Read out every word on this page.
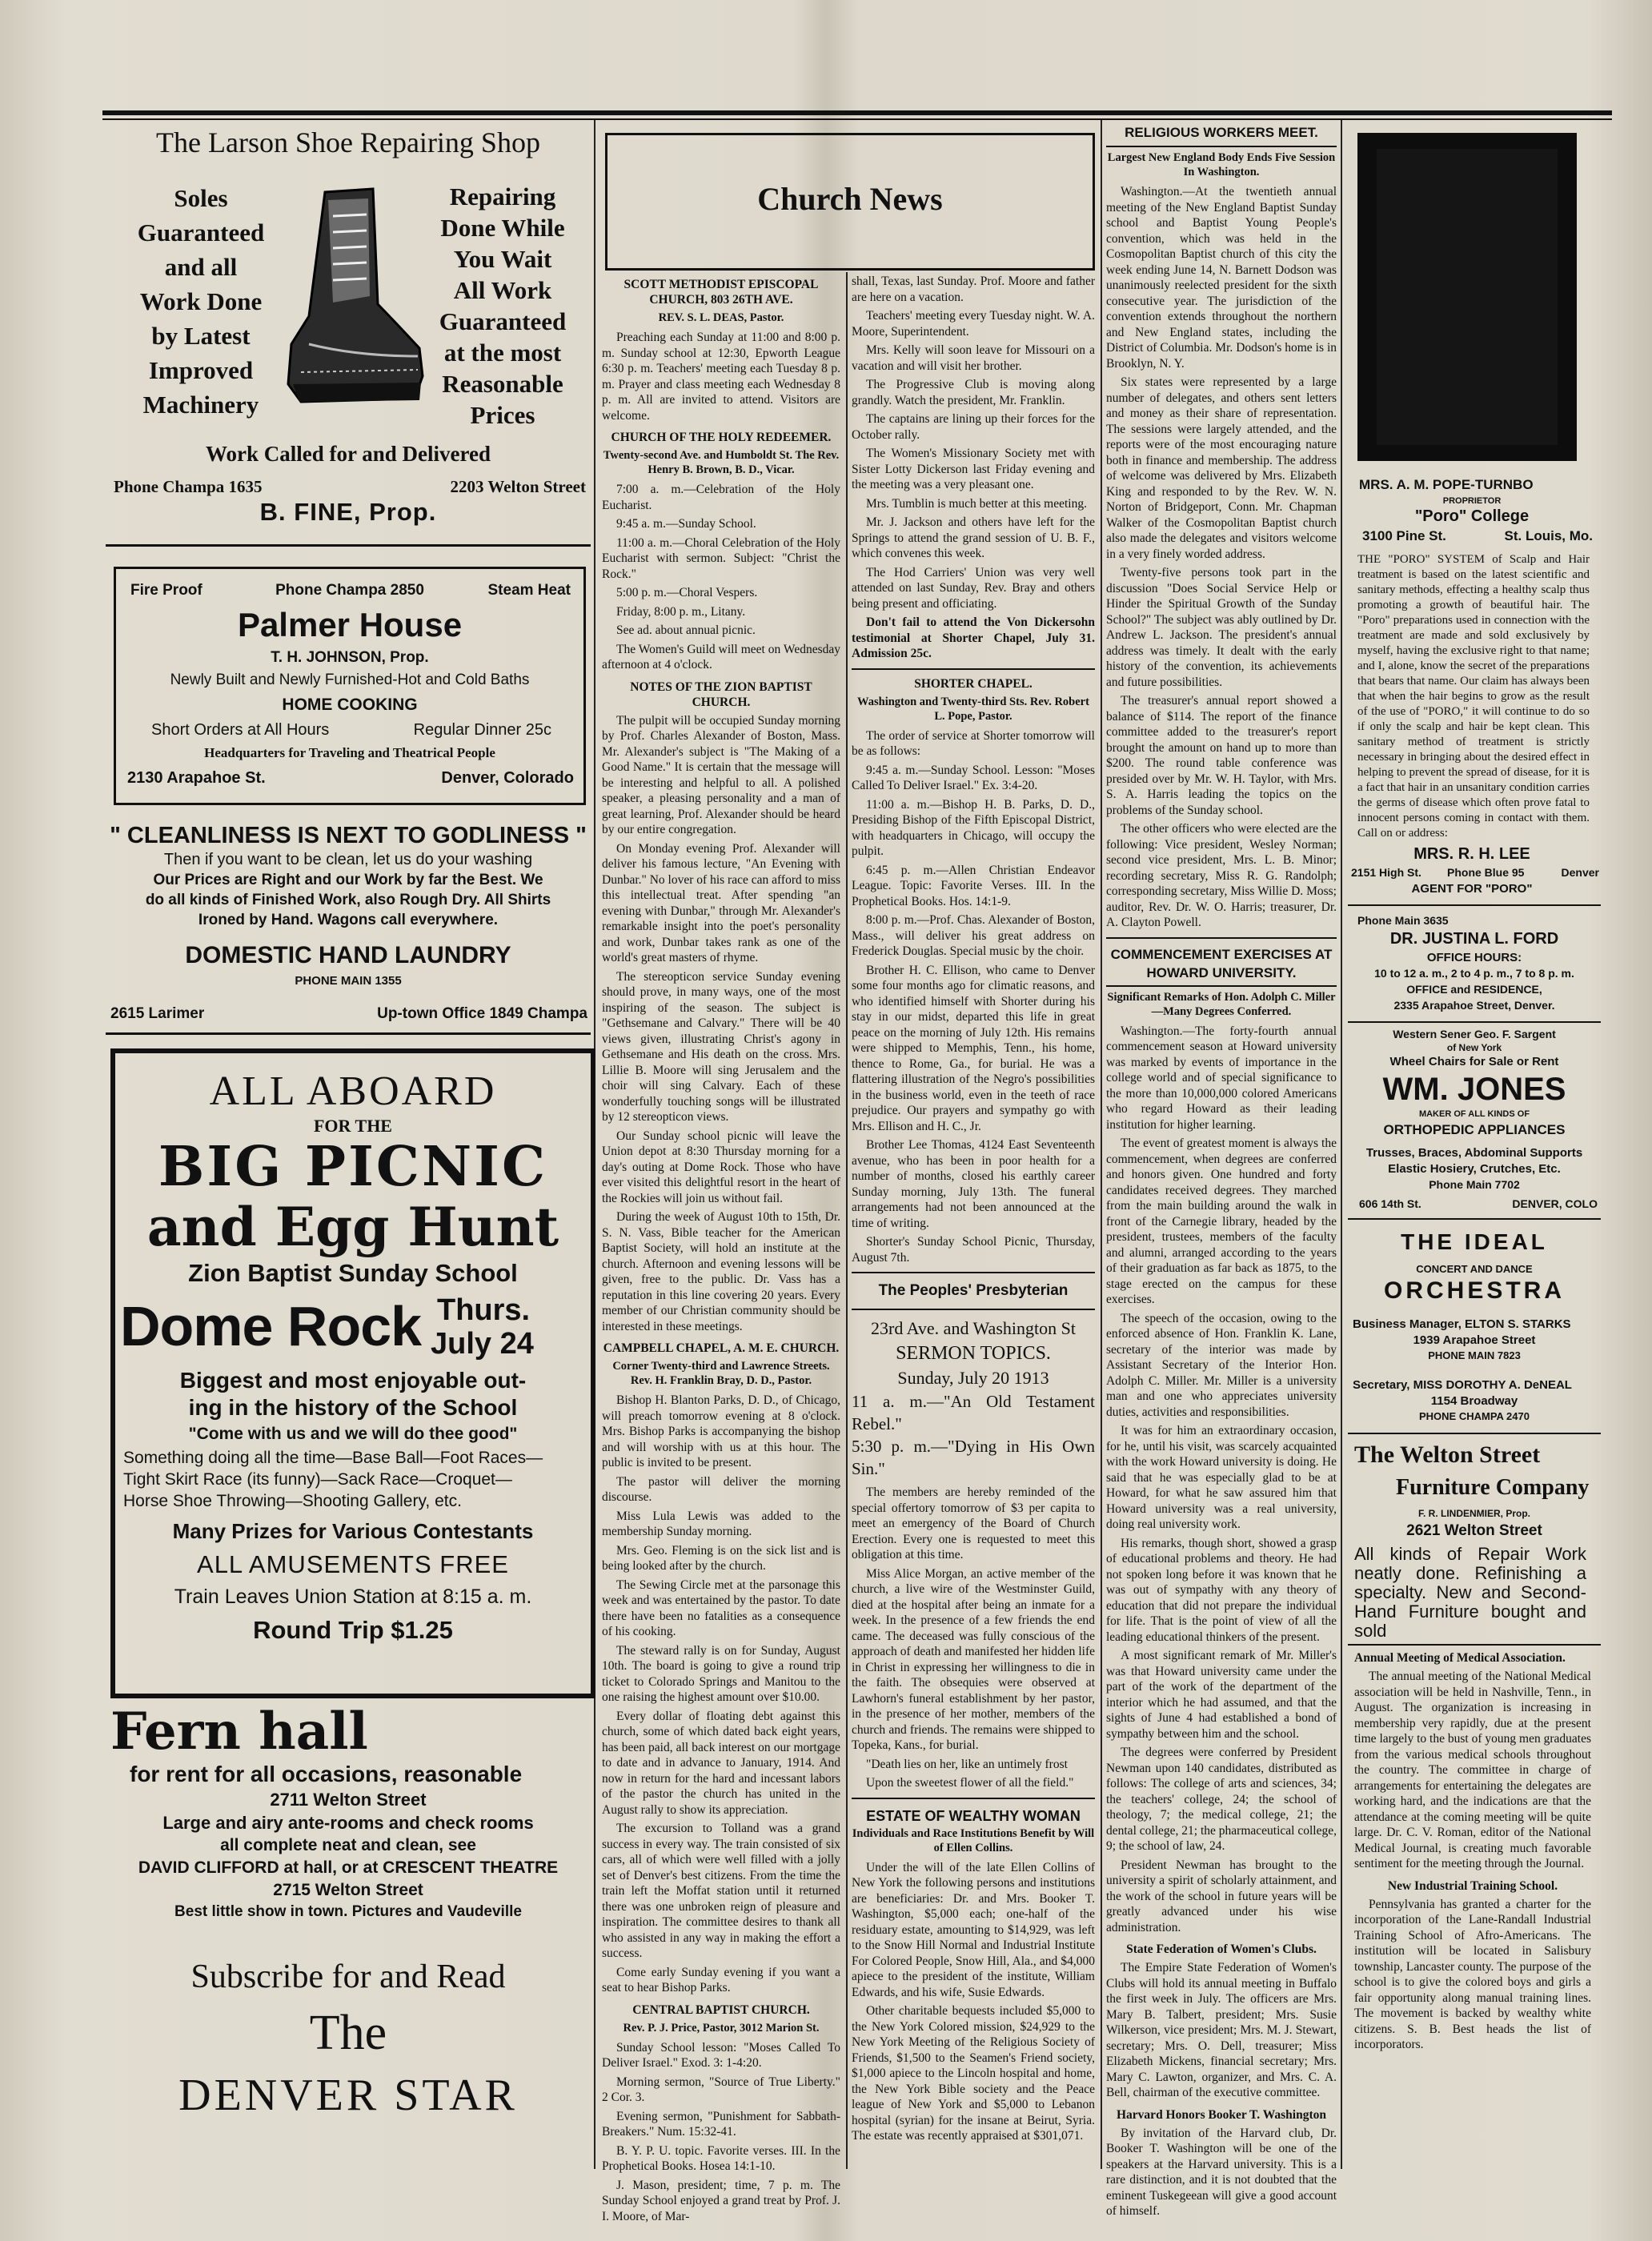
The Larson Shoe Repairing Shop
Soles
Guaranteed
and all
Work Done
by Latest
Improved
Machinery
Repairing
Done While
You Wait
All Work
Guaranteed
at the most
Reasonable
Prices
Work Called for and Delivered
Phone Champa 1635	2203 Welton Street
B. FINE, Prop.
Fire Proof	Phone Champa 2850	Steam Heat
Palmer House
T. H. JOHNSON, Prop.
Newly Built and Newly Furnished-Hot and Cold Baths
HOME COOKING
Short Orders at All Hours	Regular Dinner 25c
Headquarters for Traveling and Theatrical People
2130 Arapahoe St.	Denver, Colorado
" CLEANLINESS IS NEXT TO GODLINESS "
Then if you want to be clean, let us do your washing
Our Prices are Right and our Work by far the Best. We
do all kinds of Finished Work, also Rough Dry. All Shirts
Ironed by Hand. Wagons call everywhere.
DOMESTIC HAND LAUNDRY
PHONE MAIN 1355
2615 Larimer	Up-town Office 1849 Champa
ALL ABOARD
FOR THE
BIG PICNIC
and Egg Hunt
Zion Baptist Sunday School
Dome Rock Thurs.
July 24
Biggest and most enjoyable out-
ing in the history of the School
"Come with us and we will do thee good"
Something doing all the time—Base Ball—Foot Races—
Tight Skirt Race (its funny)—Sack Race—Croquet—
Horse Shoe Throwing—Shooting Gallery, etc.
Many Prizes for Various Contestants
ALL AMUSEMENTS FREE
Train Leaves Union Station at 8:15 a. m.
Round Trip $1.25
Fern hall
for rent for all occasions, reasonable
2711 Welton Street
Large and airy ante-rooms and check rooms
all complete neat and clean, see
DAVID CLIFFORD at hall, or at CRESCENT THEATRE
2715 Welton Street
Best little show in town. Pictures and Vaudeville
Subscribe for and Read
The
DENVER STAR
Church News
SCOTT METHODIST EPISCOPAL CHURCH, 803 26TH AVE.
REV. S. L. DEAS, Pastor.

Preaching each Sunday at 11:00 and 8:00 p. m. Sunday school at 12:30, Epworth League 6:30 p. m. Teachers' meeting each Tuesday 8 p. m. Prayer and class meeting each Wednesday 8 p. m. All are invited to attend. Visitors are welcome.

CHURCH OF THE HOLY REDEEMER.
Twenty-second Ave. and Humboldt St. The Rev. Henry B. Brown, B. D., Vicar.

7:00 a. m.—Celebration of the Holy Eucharist.

9:45 a. m.—Sunday School.

11:00 a. m.—Choral Celebration of the Holy Eucharist with sermon. Subject: "Christ the Rock."

5:00 p. m.—Choral Vespers.

Friday, 8:00 p. m., Litany.

See ad. about annual picnic.

The Women's Guild will meet on Wednesday afternoon at 4 o'clock.

NOTES OF THE ZION BAPTIST CHURCH.

The pulpit will be occupied Sunday morning by Prof. Charles Alexander of Boston, Mass. Mr. Alexander's subject is "The Making of a Good Name." It is certain that the message will be interesting and helpful to all. A polished speaker, a pleasing personality and a man of great learning, Prof. Alexander should be heard by our entire congregation.

On Monday evening Prof. Alexander will deliver his famous lecture, "An Evening with Dunbar." No lover of his race can afford to miss this intellectual treat. After spending "an evening with Dunbar," through Mr. Alexander's remarkable insight into the poet's personality and work, Dunbar takes rank as one of the world's great masters of rhyme.

The stereopticon service Sunday evening should prove, in many ways, one of the most inspiring of the season. The subject is "Gethsemane and Calvary." There will be 40 views given, illustrating Christ's agony in Gethsemane and His death on the cross. Mrs. Lillie B. Moore will sing Jerusalem and the choir will sing Calvary. Each of these wonderfully touching songs will be illustrated by 12 stereopticon views.

Our Sunday school picnic will leave the Union depot at 8:30 Thursday morning for a day's outing at Dome Rock. Those who have ever visited this delightful resort in the heart of the Rockies will join us without fail.

During the week of August 10th to 15th, Dr. S. N. Vass, Bible teacher for the American Baptist Society, will hold an institute at the church. Afternoon and evening lessons will be given, free to the public. Dr. Vass has a reputation in this line covering 20 years. Every member of our Christian community should be interested in these meetings.

CAMPBELL CHAPEL, A. M. E. CHURCH.
Corner Twenty-third and Lawrence Streets. Rev. H. Franklin Bray, D. D., Pastor.

Bishop H. Blanton Parks, D. D., of Chicago, will preach tomorrow evening at 8 o'clock. Mrs. Bishop Parks is accompanying the bishop and will worship with us at this hour. The public is invited to be present.

The pastor will deliver the morning discourse.

Miss Lula Lewis was added to the membership Sunday morning.

Mrs. Geo. Fleming is on the sick list and is being looked after by the church.

The Sewing Circle met at the parsonage this week and was entertained by the pastor. To date there have been no fatalities as a consequence of his cooking.

The steward rally is on for Sunday, August 10th. The board is going to give a round trip ticket to Colorado Springs and Manitou to the one raising the highest amount over $10.00.

Every dollar of floating debt against this church, some of which dated back eight years, has been paid, all back interest on our mortgage to date and in advance to January, 1914. And now in return for the hard and incessant labors of the pastor the church has united in the August rally to show its appreciation.

The excursion to Tolland was a grand success in every way. The train consisted of six cars, all of which were well filled with a jolly set of Denver's best citizens. From the time the train left the Moffat station until it returned there was one unbroken reign of pleasure and inspiration. The committee desires to thank all who assisted in any way in making the effort a success.

Come early Sunday evening if you want a seat to hear Bishop Parks.

CENTRAL BAPTIST CHURCH.
Rev. P. J. Price, Pastor, 3012 Marion St.

Sunday School lesson: "Moses Called To Deliver Israel." Exod. 3: 1-4:20.

Morning sermon, "Source of True Liberty." 2 Cor. 3.

Evening sermon, "Punishment for Sabbath-Breakers." Num. 15:32-41.

B. Y. P. U. topic. Favorite verses. III. In the Prophetical Books. Hosea 14:1-10.

J. Mason, president; time, 7 p. m. The Sunday School enjoyed a grand treat by Prof. J. I. Moore, of Mar-

shall, Texas, last Sunday. Prof. Moore and father are here on a vacation.

Teachers' meeting every Tuesday night. W. A. Moore, Superintendent.

Mrs. Kelly will soon leave for Missouri on a vacation and will visit her brother.

The Progressive Club is moving along grandly. Watch the president, Mr. Franklin.

The captains are lining up their forces for the October rally.

The Women's Missionary Society met with Sister Lotty Dickerson last Friday evening and the meeting was a very pleasant one.

Mrs. Tumblin is much better at this meeting.

Mr. J. Jackson and others have left for the Springs to attend the grand session of U. B. F., which convenes this week.

The Hod Carriers' Union was very well attended on last Sunday, Rev. Bray and others being present and officiating.

Don't fail to attend the Von Dickersohn testimonial at Shorter Chapel, July 31. Admission 25c.

SHORTER CHAPEL.
Washington and Twenty-third Sts. Rev. Robert L. Pope, Pastor.

The order of service at Shorter tomorrow will be as follows:

9:45 a. m.—Sunday School. Lesson: "Moses Called To Deliver Israel." Ex. 3:4-20.

11:00 a. m.—Bishop H. B. Parks, D. D., Presiding Bishop of the Fifth Episcopal District, with headquarters in Chicago, will occupy the pulpit.

6:45 p. m.—Allen Christian Endeavor League. Topic: Favorite Verses. III. In the Prophetical Books. Hos. 14:1-9.

8:00 p. m.—Prof. Chas. Alexander of Boston, Mass., will deliver his great address on Frederick Douglas. Special music by the choir.

Brother H. C. Ellison, who came to Denver some four months ago for climatic reasons, and who identified himself with Shorter during his stay in our midst, departed this life in great peace on the morning of July 12th. His remains were shipped to Memphis, Tenn., his home, thence to Rome, Ga., for burial. He was a flattering illustration of the Negro's possibilities in the business world, even in the teeth of race prejudice. Our prayers and sympathy go with Mrs. Ellison and H. C., Jr.

Brother Lee Thomas, 4124 East Seventeenth avenue, who has been in poor health for a number of months, closed his earthly career Sunday morning, July 13th. The funeral arrangements had not been announced at the time of writing.

Shorter's Sunday School Picnic, Thursday, August 7th.

The Peoples' Presbyterian
23rd Ave. and Washington St
SERMON TOPICS.
Sunday, July 20 1913
11 a. m.—"An Old Testament Rebel."
5:30 p. m.—"Dying in His Own Sin."

The members are hereby reminded of the special offertory tomorrow of $3 per capita to meet an emergency of the Board of Church Erection. Every one is requested to meet this obligation at this time.

Miss Alice Morgan, an active member of the church, a live wire of the Westminster Guild, died at the hospital after being an inmate for a week. In the presence of a few friends the end came. The deceased was fully conscious of the approach of death and manifested her hidden life in Christ in expressing her willingness to die in the faith. The obsequies were observed at Lawhorn's funeral establishment by her pastor, in the presence of her mother, members of the church and friends. The remains were shipped to Topeka, Kans., for burial.

"Death lies on her, like an untimely frost

Upon the sweetest flower of all the field."

ESTATE OF WEALTHY WOMAN
Individuals and Race Institutions Benefit by Will of Ellen Collins.

Under the will of the late Ellen Collins of New York the following persons and institutions are beneficiaries: Dr. and Mrs. Booker T. Washington, $5,000 each; one-half of the residuary estate, amounting to $14,929, was left to the Snow Hill Normal and Industrial Institute For Colored People, Snow Hill, Ala., and $4,000 apiece to the president of the institute, William Edwards, and his wife, Susie Edwards.

Other charitable bequests included $5,000 to the New York Colored mission, $24,929 to the New York Meeting of the Religious Society of Friends, $1,500 to the Seamen's Friend society, $1,000 apiece to the Lincoln hospital and home, the New York Bible society and the Peace league of New York and $5,000 to Lebanon hospital (syrian) for the insane at Beirut, Syria. The estate was recently appraised at $301,071.

RELIGIOUS WORKERS MEET.
Largest New England Body Ends Five Session In Washington.

Washington.—At the twentieth annual meeting of the New England Baptist Sunday school and Baptist Young People's convention, which was held in the Cosmopolitan Baptist church of this city the week ending June 14, N. Barnett Dodson was unanimously reelected president for the sixth consecutive year. The jurisdiction of the convention extends throughout the northern and New England states, including the District of Columbia. Mr. Dodson's home is in Brooklyn, N. Y.

Six states were represented by a large number of delegates, and others sent letters and money as their share of representation. The sessions were largely attended, and the reports were of the most encouraging nature both in finance and membership. The address of welcome was delivered by Mrs. Elizabeth King and responded to by the Rev. W. N. Norton of Bridgeport, Conn. Mr. Chapman Walker of the Cosmopolitan Baptist church also made the delegates and visitors welcome in a very finely worded address.

Twenty-five persons took part in the discussion "Does Social Service Help or Hinder the Spiritual Growth of the Sunday School?" The subject was ably outlined by Dr. Andrew L. Jackson. The president's annual address was timely. It dealt with the early history of the convention, its achievements and future possibilities.

The treasurer's annual report showed a balance of $114. The report of the finance committee added to the treasurer's report brought the amount on hand up to more than $200. The round table conference was presided over by Mr. W. H. Taylor, with Mrs. S. A. Harris leading the topics on the problems of the Sunday school.

The other officers who were elected are the following: Vice president, Wesley Norman; second vice president, Mrs. L. B. Minor; recording secretary, Miss R. G. Randolph; corresponding secretary, Miss Willie D. Moss; auditor, Rev. Dr. W. O. Harris; treasurer, Dr. A. Clayton Powell.

COMMENCEMENT EXERCISES AT HOWARD UNIVERSITY.
Significant Remarks of Hon. Adolph C. Miller—Many Degrees Conferred.

Washington.—The forty-fourth annual commencement season at Howard university was marked by events of importance in the college world and of special significance to the more than 10,000,000 colored Americans who regard Howard as their leading institution for higher learning.

The event of greatest moment is always the commencement, when degrees are conferred and honors given. One hundred and forty candidates received degrees. They marched from the main building around the walk in front of the Carnegie library, headed by the president, trustees, members of the faculty and alumni, arranged according to the years of their graduation as far back as 1875, to the stage erected on the campus for these exercises.

The speech of the occasion, owing to the enforced absence of Hon. Franklin K. Lane, secretary of the interior was made by Assistant Secretary of the Interior Hon. Adolph C. Miller. Mr. Miller is a university man and one who appreciates university duties, activities and responsibilities.

It was for him an extraordinary occasion, for he, until his visit, was scarcely acquainted with the work Howard university is doing. He said that he was especially glad to be at Howard, for what he saw assured him that Howard university was a real university, doing real university work.

His remarks, though short, showed a grasp of educational problems and theory. He had not spoken long before it was known that he was out of sympathy with any theory of education that did not prepare the individual for life. That is the point of view of all the leading educational thinkers of the present.

A most significant remark of Mr. Miller's was that Howard university came under the part of the work of the department of the interior which he had assumed, and that the sights of June 4 had established a bond of sympathy between him and the school.

The degrees were conferred by President Newman upon 140 candidates, distributed as follows: The college of arts and sciences, 34; the teachers' college, 24; the school of theology, 7; the medical college, 21; the dental college, 21; the pharmaceutical college, 9; the school of law, 24.

President Newman has brought to the university a spirit of scholarly attainment, and the work of the school in future years will be greatly advanced under his wise administration.

State Federation of Women's Clubs.

The Empire State Federation of Women's Clubs will hold its annual meeting in Buffalo the first week in July. The officers are Mrs. Mary B. Talbert, president; Mrs. Susie Wilkerson, vice president; Mrs. M. J. Stewart, secretary; Mrs. O. Dell, treasurer; Miss Elizabeth Mickens, financial secretary; Mrs. Mary C. Lawton, organizer, and Mrs. C. A. Bell, chairman of the executive committee.

Harvard Honors Booker T. Washington

By invitation of the Harvard club, Dr. Booker T. Washington will be one of the speakers at the Harvard university. This is a rare distinction, and it is not doubted that the eminent Tuskegeean will give a good account of himself.

MRS. A. M. POPE-TURNBO
PROPRIETOR
"Poro" College
3100 Pine St.	St. Louis, Mo.
THE "PORO" SYSTEM of Scalp and Hair treatment is based on the latest scientific and sanitary methods, effecting a healthy scalp thus promoting a growth of beautiful hair. The "Poro" preparations used in connection with the treatment are made and sold exclusively by myself, having the exclusive right to that name; and I, alone, know the secret of the preparations that bears that name. Our claim has always been that when the hair begins to grow as the result of the use of "PORO," it will continue to do so if only the scalp and hair be kept clean. This sanitary method of treatment is strictly necessary in bringing about the desired effect in helping to prevent the spread of disease, for it is a fact that hair in an unsanitary condition carries the germs of disease which often prove fatal to innocent persons coming in contact with them. Call on or address:
MRS. R. H. LEE
2151 High St. Phone Blue 95	Denver
AGENT FOR "PORO"
Phone Main 3635
DR. JUSTINA L. FORD
OFFICE HOURS:
10 to 12 a. m., 2 to 4 p. m., 7 to 8 p. m.
OFFICE and RESIDENCE,
2335 Arapahoe Street, Denver.
Western Sener Geo. F. Sargent
of New York
Wheel Chairs for Sale or Rent
WM. JONES
MAKER OF ALL KINDS OF
ORTHOPEDIC APPLIANCES
Trusses, Braces, Abdominal Supports
Elastic Hosiery, Crutches, Etc.
Phone Main 7702
606 14th St.	DENVER, COLO
THE IDEAL
CONCERT AND DANCE
ORCHESTRA
Business Manager, ELTON S. STARKS
1939 Arapahoe Street
PHONE MAIN 7823
Secretary, MISS DOROTHY A. DeNEAL
1154 Broadway
PHONE CHAMPA 2470
The Welton Street
Furniture Company
F. R. LINDENMIER, Prop.
2621 Welton Street
All kinds of Repair Work neatly done. Refinishing a specialty. New and Second-Hand Furniture bought and sold
Annual Meeting of Medical Association.

The annual meeting of the National Medical association will be held in Nashville, Tenn., in August. The organization is increasing in membership very rapidly, due at the present time largely to the bust of young men graduates from the various medical schools throughout the country. The committee in charge of arrangements for entertaining the delegates are working hard, and the indications are that the attendance at the coming meeting will be quite large. Dr. C. V. Roman, editor of the National Medical Journal, is creating much favorable sentiment for the meeting through the Journal.

New Industrial Training School.

Pennsylvania has granted a charter for the incorporation of the Lane-Randall Industrial Training School of Afro-Americans. The institution will be located in Salisbury township, Lancaster county. The purpose of the school is to give the colored boys and girls a fair opportunity along manual training lines. The movement is backed by wealthy white citizens. S. B. Best heads the list of incorporators.
